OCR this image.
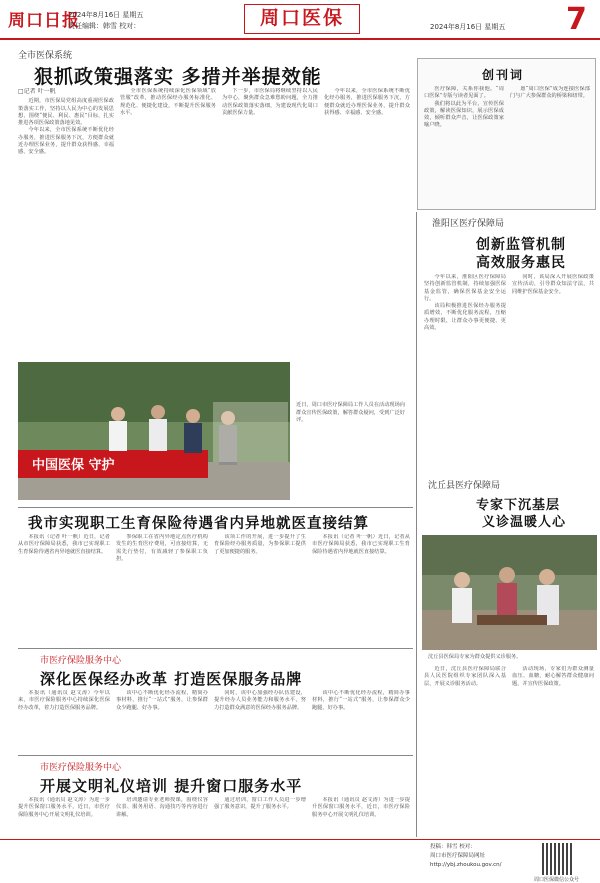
周口日报
2024年8月16日 星期五
责任编辑：韩雪 校对：	周口医保	2024年8月16日 星期五 7
全市医保系统
狠抓政策强落实 多措并举提效能
□记者 叶一帆

近期，市医保局党组高度重视医保政策落实工作，坚持以人民为中心的发展思想，围绕“便民、利民、惠民”目标，扎实推进各项医保政策落地见效。

今年以来，全市医保系统不断优化经办服务，推进医保服务下沉，方便群众就近办理医保业务，提升群众获得感、幸福感、安全感。

全市医保系统持续深化医保领域“放管服”改革，推动医保经办服务标准化、规范化、便捷化建设，不断提升医保服务水平。

下一步，市医保局将继续坚持以人民为中心，聚焦群众急难愁盼问题，全力推动医保政策落实落细，为建设现代化周口贡献医保力量。

今年以来，全市医保系统不断优化经办服务，推进医保服务下沉，方便群众就近办理医保业务，提升群众获得感、幸福感、安全感。

创刊词

医疗保障，关系你我他。“周口医保”专版与读者见面了。

我们将以此为平台，宣传医保政策，解读医保知识，展示医保成效，倾听群众声音，让医保政策家喻户晓。

愿“周口医保”成为连接医保部门与广大参保群众的桥梁和纽带。

淮阳区医疗保障局
创新监管机制
高效服务惠民

今年以来，淮阳区医疗保障局坚持创新监管机制，持续加强医保基金监管，确保医保基金安全运行。

该局积极推进医保经办服务提质增效，不断优化服务流程，压缩办理时限，让群众办事更便捷、更高效。

同时，该局深入开展医保政策宣传活动，引导群众知法守法，共同维护医保基金安全。

沈丘县医疗保障局
专家下沉基层
义诊温暖人心
沈丘县医保局专家为群众提供义诊服务。

近日，沈丘县医疗保障局联合县人民医院组织专家团队深入基层，开展义诊服务活动。

活动现场，专家们为群众测量血压、血糖，耐心解答群众健康问题，并宣传医保政策。

中国医保 守护
近日，周口市医疗保障局工作人员在活动现场向群众宣传医保政策，解答群众疑问，受到广泛好评。
我市实现职工生育保险待遇省内异地就医直接结算

本报讯（记者 叶一帆）近日，记者从市医疗保障局获悉，我市已实现职工生育保险待遇省内异地就医直接结算。

参保职工在省内异地定点医疗机构发生的生育医疗费用，可直接结算，无需先行垫付，有效减轻了参保职工负担。

该项工作的开展，进一步提升了生育保险经办服务质量，为参保职工提供了更加便捷的服务。

本报讯（记者 叶一帆）近日，记者从市医疗保障局获悉，我市已实现职工生育保险待遇省内异地就医直接结算。

市医疗保险服务中心
深化医保经办改革 打造医保服务品牌

本报讯（通讯员 赵文涛）今年以来，市医疗保险服务中心持续深化医保经办改革，着力打造医保服务品牌。

该中心不断优化经办流程，精简办事材料，推行“一站式”服务，让参保群众少跑腿、好办事。

同时，该中心加强经办队伍建设，提升经办人员业务能力和服务水平，努力打造群众满意的医保经办服务品牌。

该中心不断优化经办流程，精简办事材料，推行“一站式”服务，让参保群众少跑腿、好办事。

市医疗保险服务中心
开展文明礼仪培训 提升窗口服务水平

本报讯（通讯员 赵文涛）为进一步提升医保窗口服务水平，近日，市医疗保险服务中心开展文明礼仪培训。

培训邀请专业老师授课，围绕仪容仪表、服务用语、沟通技巧等内容进行讲解。

通过培训，窗口工作人员进一步增强了服务意识，提升了服务水平。

本报讯（通讯员 赵文涛）为进一步提升医保窗口服务水平，近日，市医疗保险服务中心开展文明礼仪培训。

投稿：韩雪 校对：
周口市医疗保障局网址
http://ybj.zhoukou.gov.cn/
周口医保微信公众号
